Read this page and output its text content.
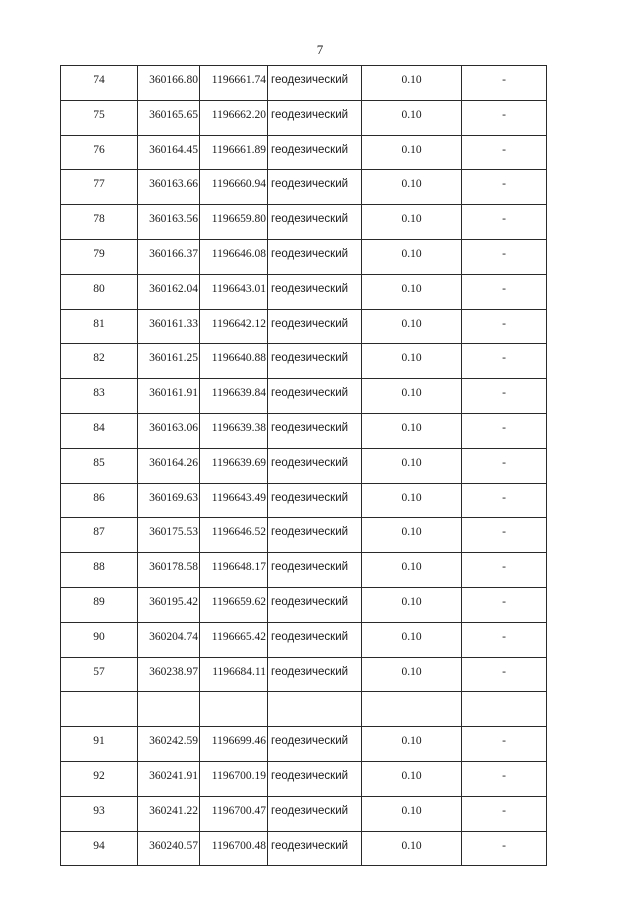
7
74	360166.80	1196661.74	геодезический	0.10	-

75	360165.65	1196662.20	геодезический	0.10	-

76	360164.45	1196661.89	геодезический	0.10	-

77	360163.66	1196660.94	геодезический	0.10	-

78	360163.56	1196659.80	геодезический	0.10	-

79	360166.37	1196646.08	геодезический	0.10	-

80	360162.04	1196643.01	геодезический	0.10	-

81	360161.33	1196642.12	геодезический	0.10	-

82	360161.25	1196640.88	геодезический	0.10	-

83	360161.91	1196639.84	геодезический	0.10	-

84	360163.06	1196639.38	геодезический	0.10	-

85	360164.26	1196639.69	геодезический	0.10	-

86	360169.63	1196643.49	геодезический	0.10	-

87	360175.53	1196646.52	геодезический	0.10	-

88	360178.58	1196648.17	геодезический	0.10	-

89	360195.42	1196659.62	геодезический	0.10	-

90	360204.74	1196665.42	геодезический	0.10	-

57	360238.97	1196684.11	геодезический	0.10	-

91	360242.59	1196699.46	геодезический	0.10	-

92	360241.91	1196700.19	геодезический	0.10	-

93	360241.22	1196700.47	геодезический	0.10	-

94	360240.57	1196700.48	геодезический	0.10	-
